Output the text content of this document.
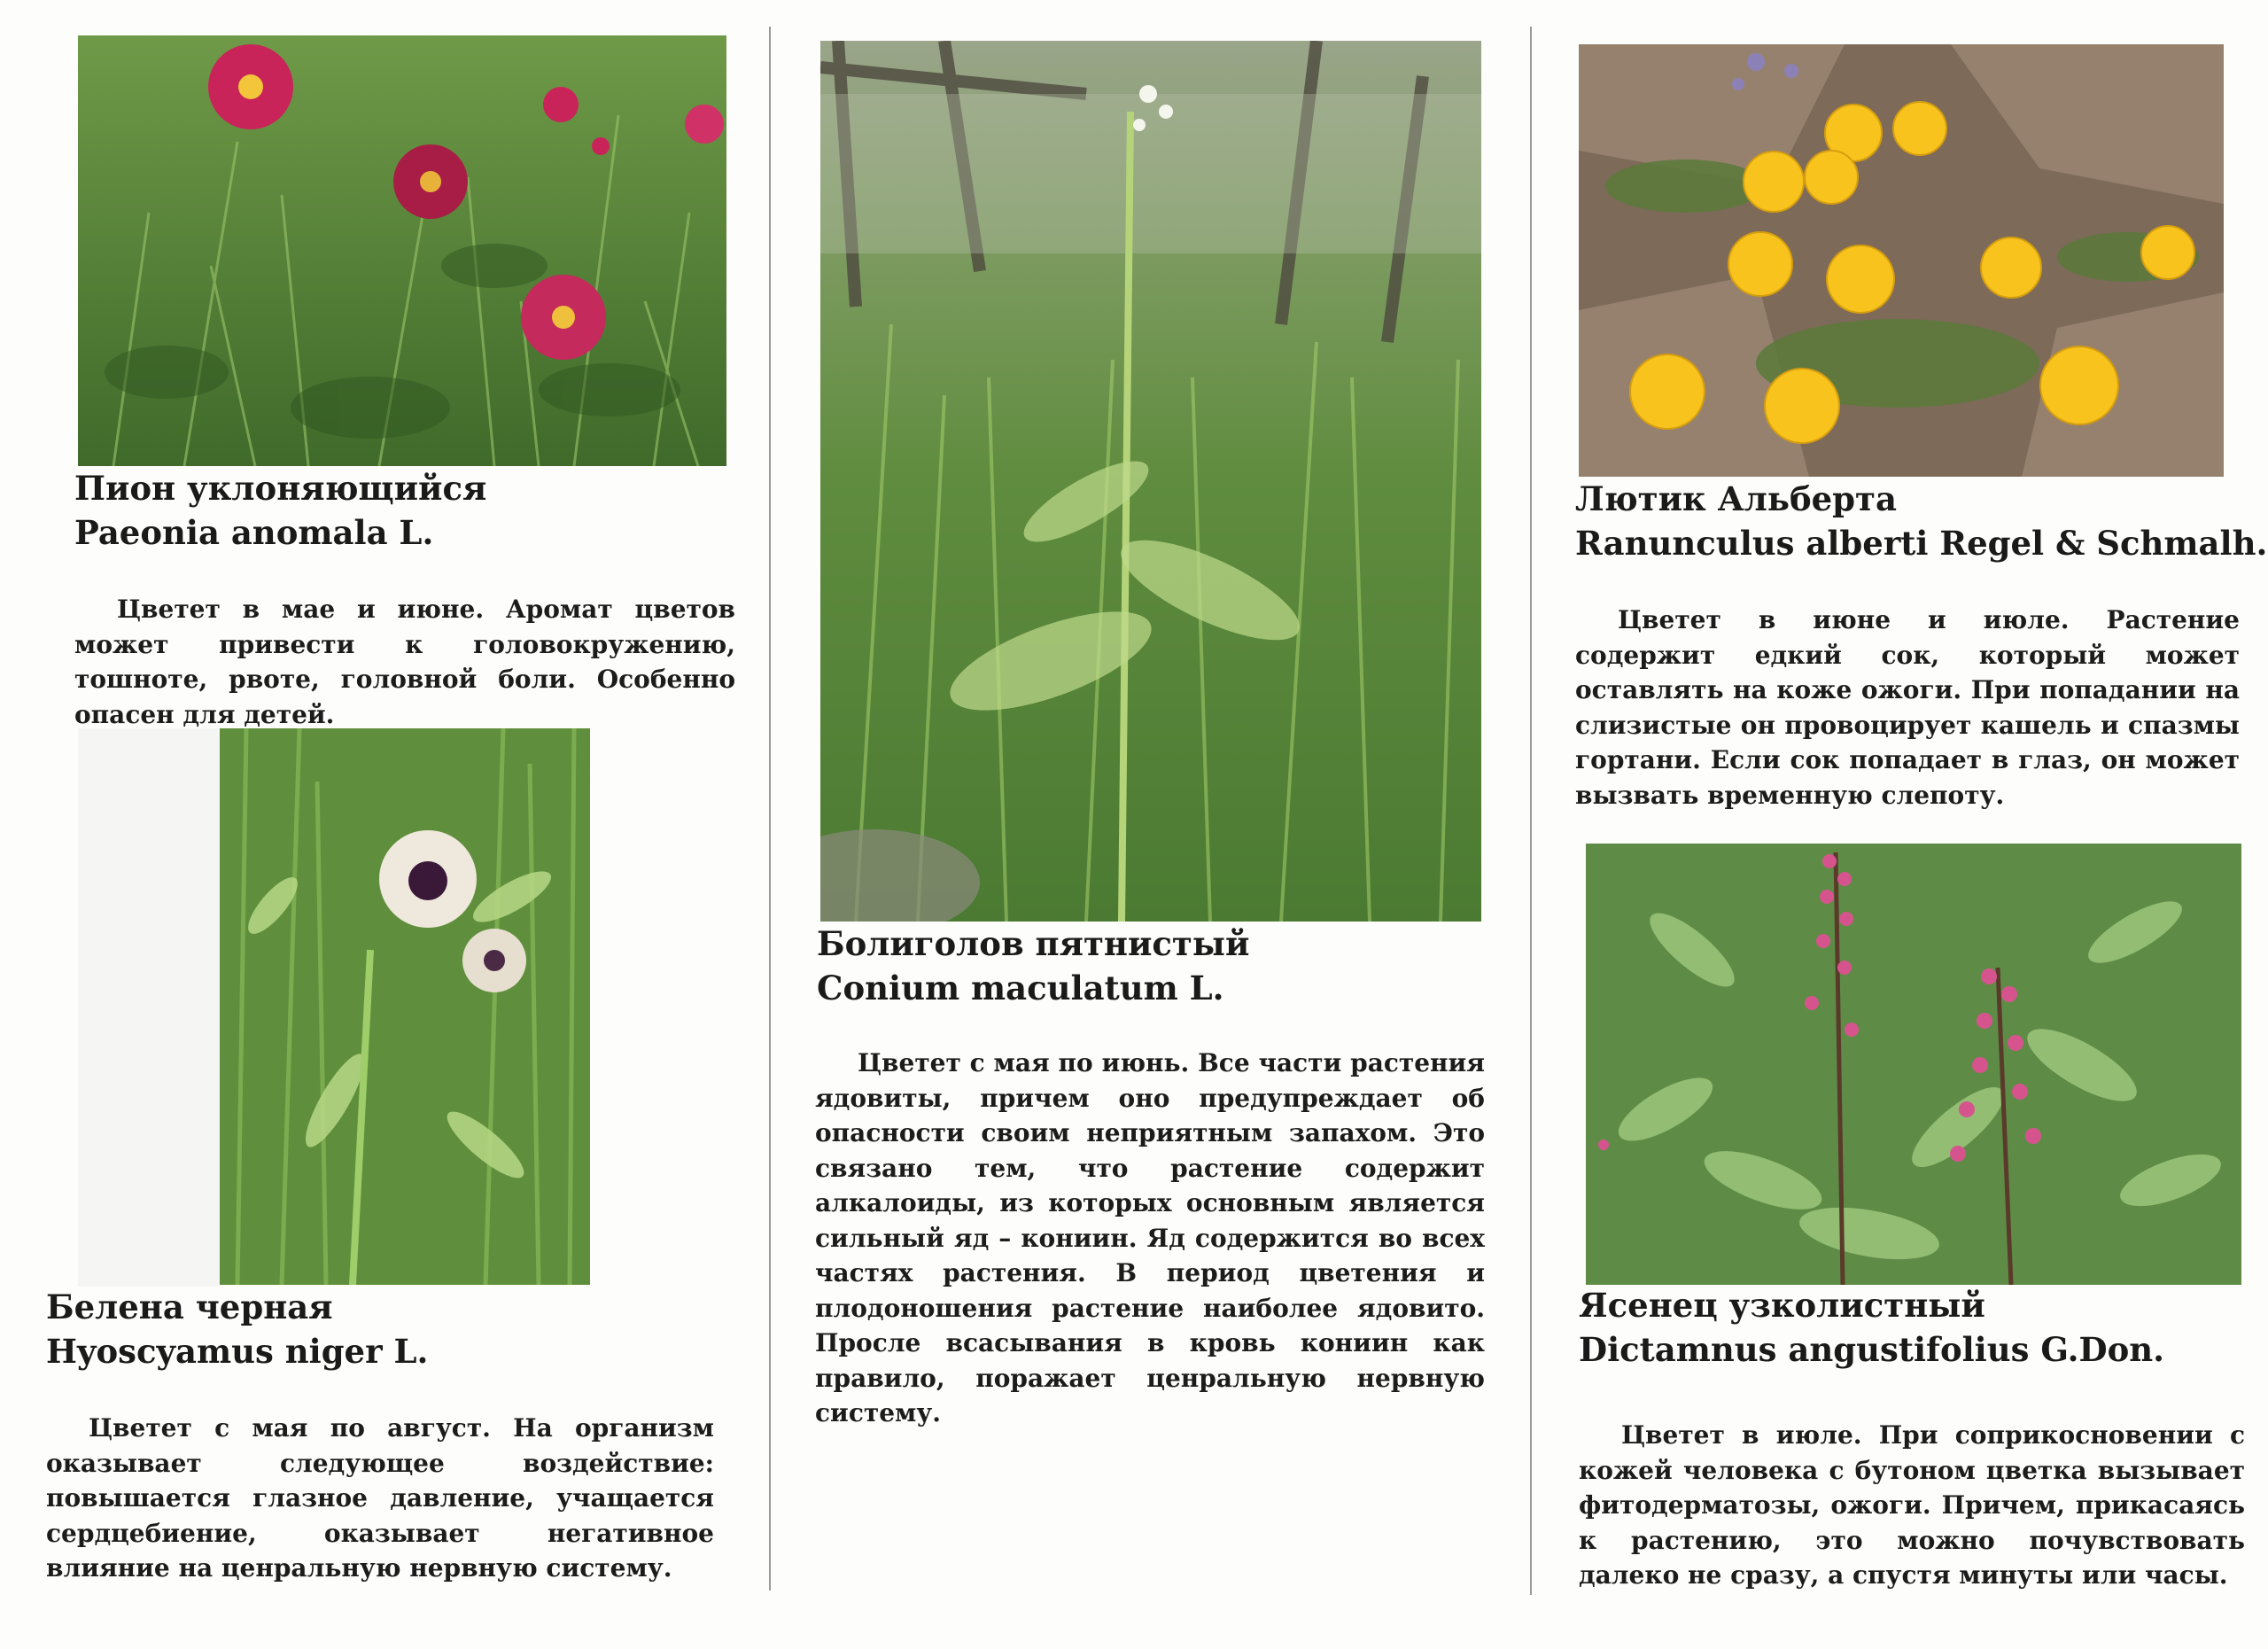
Пион уклоняющийся
Paeonia anomala L.

Цветет в мае и июне. Аромат цветов может привести к головокружению, тошноте, рвоте, головной боли. Особенно опасен для детей.

Белена черная
Hyoscyamus niger L.

Цветет с мая по август. На организм оказывает следующее воздействие: повышается глазное давление, учащается сердцебиение, оказывает негативное влияние на ценральную нервную систему.

Болиголов пятнистый
Conium maculatum L.

Цветет с мая по июнь. Все части растения ядовиты, причем оно предупреждает об опасности своим неприятным запахом. Это связано тем, что растение содержит алкалоиды, из которых основным является сильный яд – кониин. Яд содержится во всех частях растения. В период цветения и плодоношения растение наиболее ядовито. Просле всасывания в кровь кониин как правило, поражает ценральную нервную систему.

Лютик Альберта
Ranunculus alberti Regel & Schmalh.

Цветет в июне и июле. Растение содержит едкий сок, который может оставлять на коже ожоги. При попадании на слизистые он провоцирует кашель и спазмы гортани. Если сок попадает в глаз, он может вызвать временную слепоту.

Ясенец узколистный
Dictamnus angustifolius G.Don.

Цветет в июле. При соприкосновении с кожей человека с бутоном цветка вызывает фитодерматозы, ожоги. Причем, прикасаясь к растению, это можно почувствовать далеко не сразу, а спустя минуты или часы.
